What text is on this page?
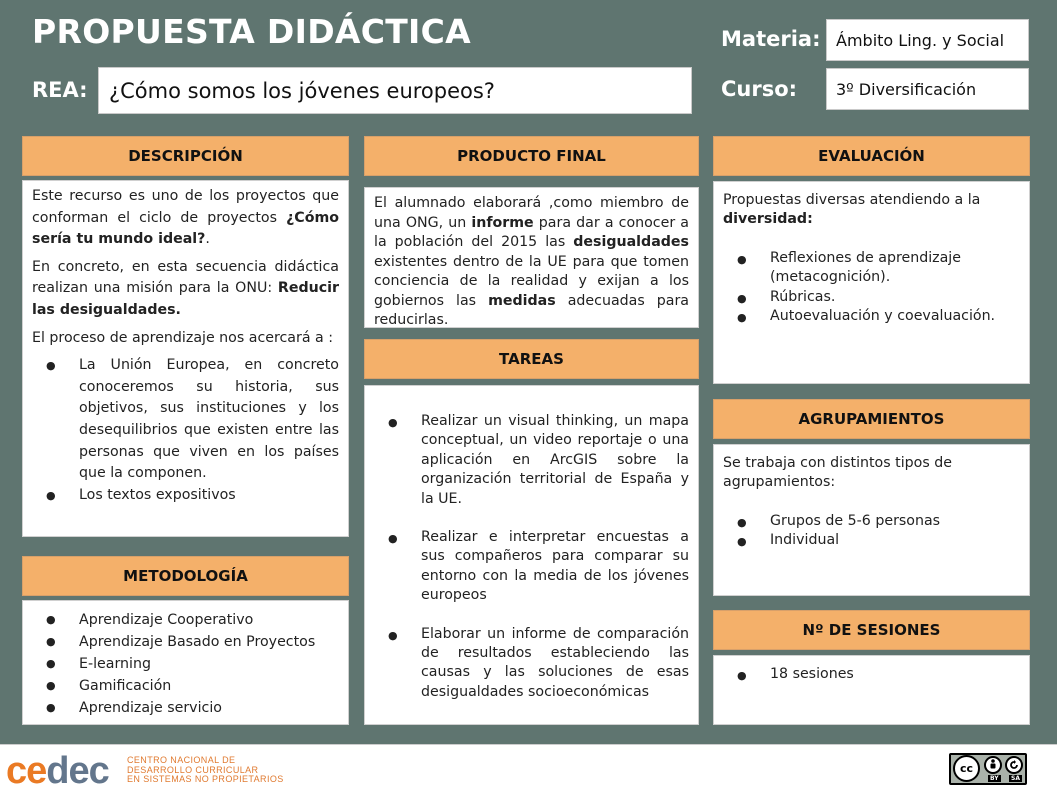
PROPUESTA DIDÁCTICA
REA:	¿Cómo somos los jóvenes europeos?
Materia: Ámbito Ling. y Social
Curso:	3º Diversificación
DESCRIPCIÓN

Este recurso es uno de los proyectos que conforman el ciclo de proyectos ¿Cómo sería tu mundo ideal?.

En concreto, en esta secuencia didáctica realizan una misión para la ONU: Reducir las desigualdades.

El proceso de aprendizaje nos acercará a :

● La Unión Europea, en concreto conoceremos su historia, sus objetivos, sus instituciones y los desequilibrios que existen entre las personas que viven en los países que la componen.
● Los textos expositivos
METODOLOGÍA
● Aprendizaje Cooperativo
● Aprendizaje Basado en Proyectos
● E-learning
● Gamificación
● Aprendizaje servicio
PRODUCTO FINAL

El alumnado elaborará ,como miembro de una ONG, un informe para dar a conocer a la población del 2015 las desigualdades existentes dentro de la UE para que tomen conciencia de la realidad y exijan a los gobiernos las medidas adecuadas para reducirlas.

TAREAS
● Realizar un visual thinking, un mapa conceptual, un video reportaje o una aplicación en ArcGIS sobre la organización territorial de España y la UE.
● Realizar e interpretar encuestas a sus compañeros para comparar su entorno con la media de los jóvenes europeos
● Elaborar un informe de comparación de resultados estableciendo las causas y las soluciones de esas desigualdades socioeconómicas
EVALUACIÓN

Propuestas diversas atendiendo a la diversidad:

● Reflexiones de aprendizaje (metacognición).
● Rúbricas.
● Autoevaluación y coevaluación.
AGRUPAMIENTOS

Se trabaja con distintos tipos de agrupamientos:

● Grupos de 5-6 personas
● Individual
Nº DE SESIONES
● 18 sesiones
cedec CENTRO NACIONAL DE
DESARROLLO CURRICULAR
EN SISTEMAS NO PROPIETARIOS
cc
BY	SA
